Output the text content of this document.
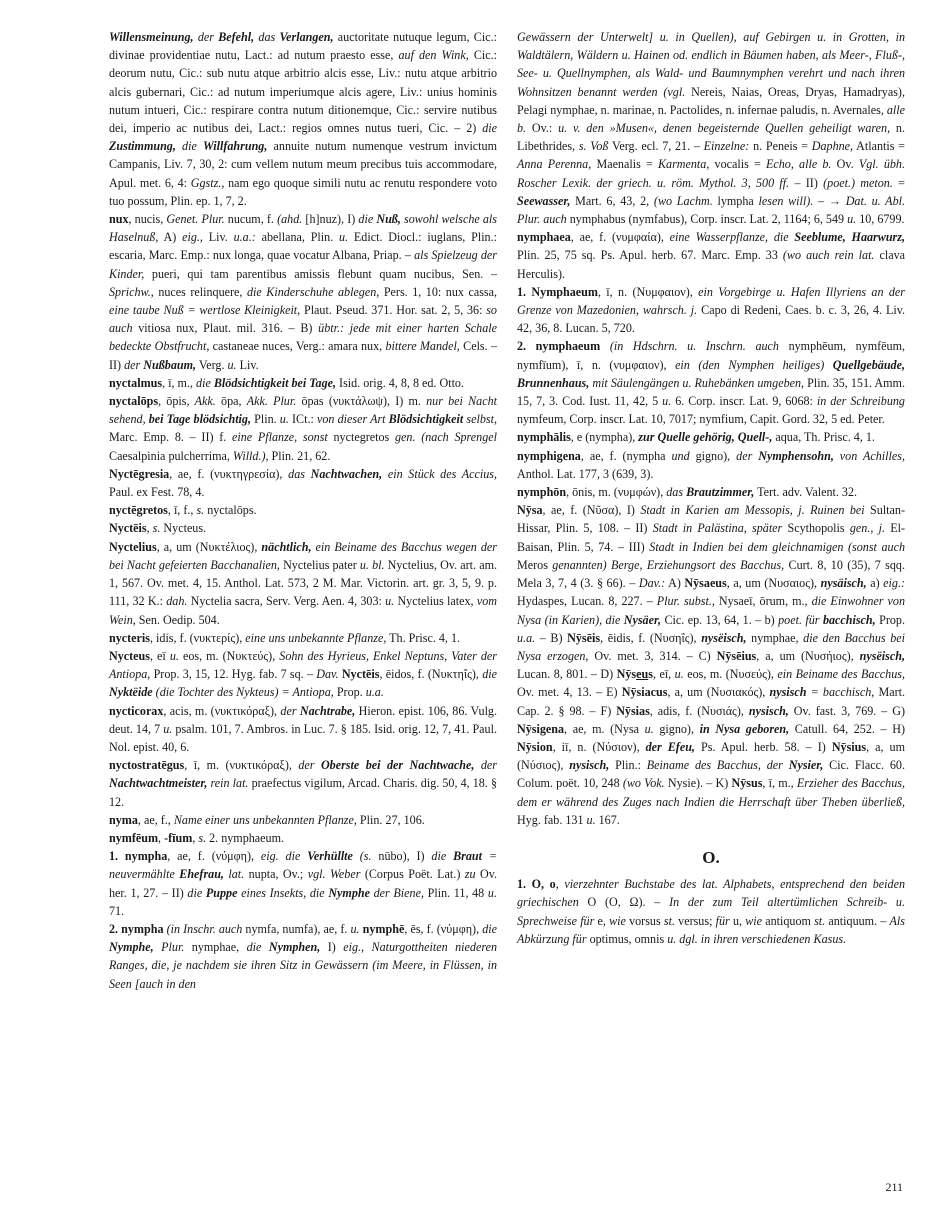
Willensmeinung, der Befehl, das Verlangen, auctoritate nutuque legum, Cic.: divinae providentiae nutu, Lact.: ad nutum praesto esse, auf den Wink, Cic.: deorum nutu, Cic.: sub nutu atque arbitrio alcis esse, Liv.: nutu atque arbitrio alcis gubernari, Cic.: ad nutum imperiumque alcis agere, Liv.: unius hominis nutum intueri, Cic.: respirare contra nutum ditionemque, Cic.: servire nutibus dei, imperio ac nutibus dei, Lact.: regios omnes nutus tueri, Cic. – 2) die Zustimmung, die Willfahrung, annuite nutum numenque vestrum invictum Campanis, Liv. 7, 30, 2: cum vellem nutum meum precibus tuis accommodare, Apul. met. 6, 4: Ggstz., nam ego quoque simili nutu ac renutu respondere voto tuo possum, Plin. ep. 1, 7, 2.

nux, nucis, Genet. Plur. nucum, f. (ahd. [h]nuz), I) die Nuß, sowohl welsche als Haselnuß, A) eig., Liv. u.a.: abellana, Plin. u. Edict. Diocl.: iuglans, Plin.: escaria, Marc. Emp.: nux longa, quae vocatur Albana, Priap. – als Spielzeug der Kinder, pueri, qui tam parentibus amissis flebunt quam nucibus, Sen. – Sprichw., nuces relinquere, die Kinderschuhe ablegen, Pers. 1, 10: nux cassa, eine taube Nuß = wertlose Kleinigkeit, Plaut. Pseud. 371. Hor. sat. 2, 5, 36: so auch vitiosa nux, Plaut. mil. 316. – B) übtr.: jede mit einer harten Schale bedeckte Obstfrucht, castaneae nuces, Verg.: amara nux, bittere Mandel, Cels. – II) der Nußbaum, Verg. u. Liv.

nyctalmus, ī, m., die Blödsichtigkeit bei Tage, Isid. orig. 4, 8, 8 ed. Otto.

nyctalōps, ōpis, Akk. ōpa, Akk. Plur. ōpas (νυκτάλωψ), I) m. nur bei Nacht sehend, bei Tage blödsichtig, Plin. u. ICt.: von dieser Art Blödsichtigkeit selbst, Marc. Emp. 8. – II) f. eine Pflanze, sonst nyctegretos gen. (nach Sprengel Caesalpinia pulcherrima, Willd.), Plin. 21, 62.

Nyctēgresia, ae, f. (νυκτηγρεσία), das Nachtwachen, ein Stück des Accius, Paul. ex Fest. 78, 4.

nyctēgretos, ī, f., s. nyctalōps.

Nyctēis, s. Nycteus.

Nyctelius, a, um (Νυκτέλιος), nächtlich, ein Beiname des Bacchus wegen der bei Nacht gefeierten Bacchanalien, Nyctelius pater u. bl. Nyctelius, Ov. art. am. 1, 567. Ov. met. 4, 15. Anthol. Lat. 573, 2 M. Mar. Victorin. art. gr. 3, 5, 9. p. 111, 32 K.: dah. Nyctelia sacra, Serv. Verg. Aen. 4, 303: u. Nyctelius latex, vom Wein, Sen. Oedip. 504.

nycteris, idis, f. (νυκτερίς), eine uns unbekannte Pflanze, Th. Prisc. 4, 1.

Nycteus, eī u. eos, m. (Νυκτεύς), Sohn des Hyrieus, Enkel Neptuns, Vater der Antiopa, Prop. 3, 15, 12. Hyg. fab. 7 sq. – Dav. Nyctēis, ēidos, f. (Νυκτηΐς), die Nyktëide (die Tochter des Nykteus) = Antiopa, Prop. u.a.

nycticorax, acis, m. (νυκτικόραξ), der Nachtrabe, Hieron. epist. 106, 86. Vulg. deut. 14, 7 u. psalm. 101, 7. Ambros. in Luc. 7. § 185. Isid. orig. 12, 7, 41. Paul. Nol. epist. 40, 6.

nyctostratēgus, ī, m. (νυκτικόραξ), der Oberste bei der Nachtwache, der Nachtwachtmeister, rein lat. praefectus vigilum, Arcad. Charis. dig. 50, 4, 18. § 12.

nyma, ae, f., Name einer uns unbekannten Pflanze, Plin. 27, 106.

nymfēum, -fīum, s. 2. nymphaeum.

1. nympha, ae, f. (νύμφη), eig. die Verhüllte (s. nūbo), I) die Braut = neuvermählte Ehefrau, lat. nupta, Ov.; vgl. Weber (Corpus Poët. Lat.) zu Ov. her. 1, 27. – II) die Puppe eines Insekts, die Nymphe der Biene, Plin. 11, 48 u. 71.

2. nympha (in Inschr. auch nymfa, numfa), ae, f. u. nymphē, ēs, f. (νύμφη), die Nymphe, Plur. nymphae, die Nymphen, I) eig., Naturgottheiten niederen Ranges, die, je nachdem sie ihren Sitz in Gewässern (im Meere, in Flüssen, in Seen [auch in den

Gewässern der Unterwelt] u. in Quellen), auf Gebirgen u. in Grotten, in Waldtälern, Wäldern u. Hainen od. endlich in Bäumen haben, als Meer-, Fluß-, See- u. Quellnymphen, als Wald- und Baumnymphen verehrt und nach ihren Wohnsitzen benannt werden (vgl. Nereis, Naias, Oreas, Dryas, Hamadryas), Pelagi nymphae, n. marinae, n. Pactolides, n. infernae paludis, n. Avernales, alle b. Ov.: u. v. den »Musen«, denen begeisternde Quellen geheiligt waren, n. Libethrides, s. Voß Verg. ecl. 7, 21. – Einzelne: n. Peneis = Daphne, Atlantis = Anna Perenna, Maenalis = Karmenta, vocalis = Echo, alle b. Ov. Vgl. übh. Roscher Lexik. der griech. u. röm. Mythol. 3, 500 ff. – II) (poet.) meton. = Seewasser, Mart. 6, 43, 2, (wo Lachm. lympha lesen will). – → Dat. u. Abl. Plur. auch nymphabus (nymfabus), Corp. inscr. Lat. 2, 1164; 6, 549 u. 10, 6799.

nymphaea, ae, f. (νυμφαία), eine Wasserpflanze, die Seeblume, Haarwurz, Plin. 25, 75 sq. Ps. Apul. herb. 67. Marc. Emp. 33 (wo auch rein lat. clava Herculis).

1. Nymphaeum, ī, n. (Νυμφαιον), ein Vorgebirge u. Hafen Illyriens an der Grenze von Mazedonien, wahrsch. j. Capo di Redeni, Caes. b. c. 3, 26, 4. Liv. 42, 36, 8. Lucan. 5, 720.

2. nymphaeum (in Hdschrn. u. Inschrn. auch nymphēum, nymfēum, nymfīum), ī, n. (νυμφαιον), ein (den Nymphen heiliges) Quellgebäude, Brunnenhaus, mit Säulengängen u. Ruhebänken umgeben, Plin. 35, 151. Amm. 15, 7, 3. Cod. Iust. 11, 42, 5 u. 6. Corp. inscr. Lat. 9, 6068: in der Schreibung nymfeum, Corp. inscr. Lat. 10, 7017; nymfium, Capit. Gord. 32, 5 ed. Peter.

nymphālis, e (nympha), zur Quelle gehörig, Quell-, aqua, Th. Prisc. 4, 1.

nymphigena, ae, f. (nympha und gigno), der Nymphensohn, von Achilles, Anthol. Lat. 177, 3 (639, 3).

nymphōn, ōnis, m. (νυμφών), das Brautzimmer, Tert. adv. Valent. 32.

Nȳsa, ae, f. (Νῦσα), I) Stadt in Karien am Messopis, j. Ruinen bei Sultan-Hissar, Plin. 5, 108. – II) Stadt in Palästina, später Scythopolis gen., j. El-Baisan, Plin. 5, 74. – III) Stadt in Indien bei dem gleichnamigen (sonst auch Meros genannten) Berge, Erziehungsort des Bacchus, Curt. 8, 10 (35), 7 sqq. Mela 3, 7, 4 (3. § 66). – Dav.: A) Nȳsaeus, a, um (Νυσαιος), nysäisch, a) eig.: Hydaspes, Lucan. 8, 227. – Plur. subst., Nysaeī, ōrum, m., die Einwohner von Nysa (in Karien), die Nysäer, Cic. ep. 13, 64, 1. – b) poet. für bacchisch, Prop. u.a. – B) Nȳsēis, ēidis, f. (Νυσηΐς), nysëisch, nymphae, die den Bacchus bei Nysa erzogen, Ov. met. 3, 314. – C) Nȳsēius, a, um (Νυσήιος), nysëisch, Lucan. 8, 801. – D) Nȳseus, eī, u. eos, m. (Νυσεύς), ein Beiname des Bacchus, Ov. met. 4, 13. – E) Nȳsiacus, a, um (Νυσιακός), nysisch = bacchisch, Mart. Cap. 2. § 98. – F) Nȳsias, adis, f. (Νυσιάς), nysisch, Ov. fast. 3, 769. – G) Nȳsigena, ae, m. (Nysa u. gigno), in Nysa geboren, Catull. 64, 252. – H) Nȳsion, iī, n. (Νύσιον), der Efeu, Ps. Apul. herb. 58. – I) Nȳsius, a, um (Νύσιος), nysisch, Plin.: Beiname des Bacchus, der Nysier, Cic. Flacc. 60. Colum. poët. 10, 248 (wo Vok. Nysie). – K) Nȳsus, ī, m., Erzieher des Bacchus, dem er während des Zuges nach Indien die Herrschaft über Theben überließ, Hyg. fab. 131 u. 167.

O.

1. O, o, vierzehnter Buchstabe des lat. Alphabets, entsprechend den beiden griechischen Ο (Ο, Ω). – In der zum Teil altertümlichen Schreib- u. Sprechweise für e, wie vorsus st. versus; für u, wie antiquom st. antiquum. – Als Abkürzung für optimus, omnis u. dgl. in ihren verschiedenen Kasus.

211
